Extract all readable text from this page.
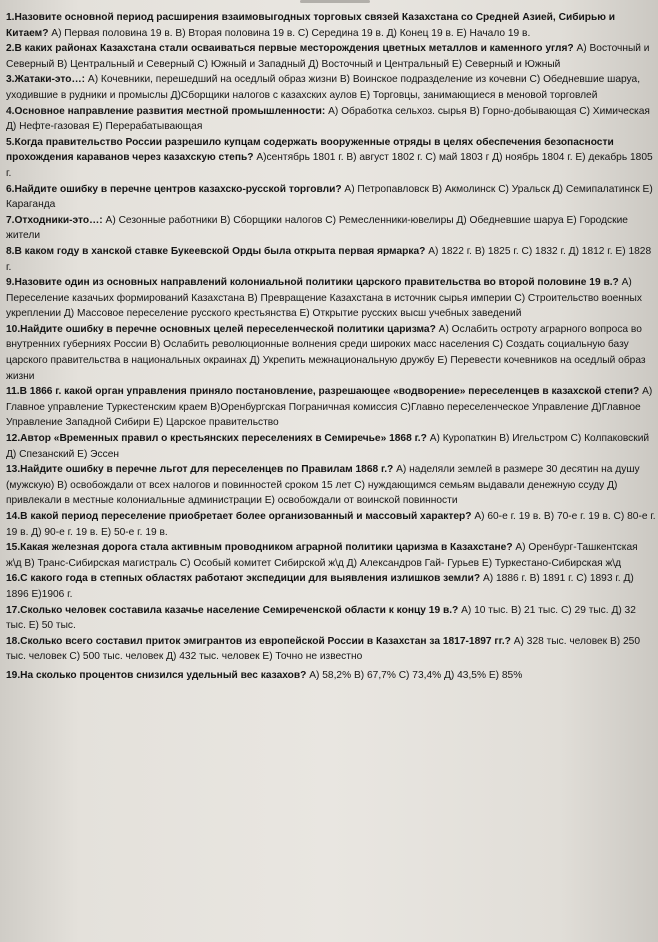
1.Назовите основной период расширения взаимовыгодных торговых связей Казахстана со Средней Азией, Сибирью и Китаем? А) Первая половина 19 в. В) Вторая половина 19 в. С) Середина 19 в. Д) Конец 19 в. Е) Начало 19 в.

2.В каких районах Казахстана стали осваиваться первые месторождения цветных металлов и каменного угля? А) Восточный и Северный В) Центральный и Северный С) Южный и Западный Д) Восточный и Центральный Е) Северный и Южный

3.Жатаки-это…: А) Кочевники, перешедший на оседлый образ жизни В) Воинское подразделение из кочевни С) Обедневшие шаруа, уходившие в рудники и промыслы Д)Сборщики налогов с казахских аулов Е) Торговцы, занимающиеся в меновой торговлей

4.Основное направление развития местной промышленности: А) Обработка сельхоз. сырья В) Горно-добывающая С) Химическая Д) Нефте-газовая Е) Перерабатывающая

5.Когда правительство России разрешило купцам содержать вооруженные отряды в целях обеспечения безопасности прохождения караванов через казахскую степь? А)сентябрь 1801 г. В) август 1802 г. С) май 1803 г Д) ноябрь 1804 г. Е) декабрь 1805 г.

6.Найдите ошибку в перечне центров казахско-русской торговли? А) Петропавловск В) Акмолинск С) Уральск Д) Семипалатинск Е) Караганда

7.Отходники-это…: А) Сезонные работники В) Сборщики налогов С) Ремесленники-ювелиры Д) Обедневшие шаруа Е) Городские жители

8.В каком году в ханской ставке Букеевской Орды была открыта первая ярмарка? А) 1822 г. В) 1825 г. С) 1832 г. Д) 1812 г. Е) 1828 г.

9.Назовите один из основных направлений колониальной политики царского правительства во второй половине 19 в.? А) Переселение казачьих формирований Казахстана В) Превращение Казахстана в источник сырья империи С) Строительство военных укреплении Д) Массовое переселение русского крестьянства Е) Открытие русских высш учебных заведений

10.Найдите ошибку в перечне основных целей переселенческой политики царизма? А) Ослабить остроту аграрного вопроса во внутренних губерниях России В) Ослабить революционные волнения среди широких масс населения С) Создать социальную базу царского правительства в национальных окраинах Д) Укрепить межнациональную дружбу Е) Перевести кочевников на оседлый образ жизни

11.В 1866 г. какой орган управления приняло постановление, разрешающее «водворение» переселенцев в казахской степи? А) Главное управление Туркестенским краем В)Оренбургская Пограничная комиссия С)Главно переселенческое Управление Д)Главное Управление Западной Сибири Е) Царское правительство

12.Автор «Временных правил о крестьянских переселениях в Семиречье» 1868 г.? А) Куропаткин В) Игельстром С) Колпаковский Д) Спезанский Е) Эссен

13.Найдите ошибку в перечне льгот для переселенцев по Правилам 1868 г.? А) наделяли землей в размере 30 десятин на душу (мужскую) В) освобождали от всех налогов и повинностей сроком 15 лет С) нуждающимся семьям выдавали денежную ссуду Д) привлекали в местные колониальные администрации Е) освобождали от воинской повинности

14.В какой период переселение приобретает более организованный и массовый характер? А) 60-е г. 19 в. В) 70-е г. 19 в. С) 80-е г. 19 в. Д) 90-е г. 19 в. Е) 50-е г. 19 в.

15.Какая железная дорога стала активным проводником аграрной политики царизма в Казахстане? А) Оренбург-Ташкентская ж\д В) Транс-Сибирская магистраль С) Особый комитет Сибирской ж\д Д) Александров Гай- Гурьев Е) Туркестано-Сибирская ж\д

16.С какого года в степных областях работают экспедиции для выявления излишков земли? А) 1886 г. В) 1891 г. С) 1893 г. Д) 1896 Е)1906 г.

17.Сколько человек составила казачье население Семиреченской области к концу 19 в.? А) 10 тыс. В) 21 тыс. С) 29 тыс. Д) 32 тыс. Е) 50 тыс.

18.Сколько всего составил приток эмигрантов из европейской России в Казахстан за 1817-1897 гг.? А) 328 тыс. человек В) 250 тыс. человек С) 500 тыс. человек Д) 432 тыс. человек Е) Точно не известно

19.На сколько процентов снизился удельный вес казахов? А) 58,2% В) 67,7% С) 73,4% Д) 43,5% Е) 85%
